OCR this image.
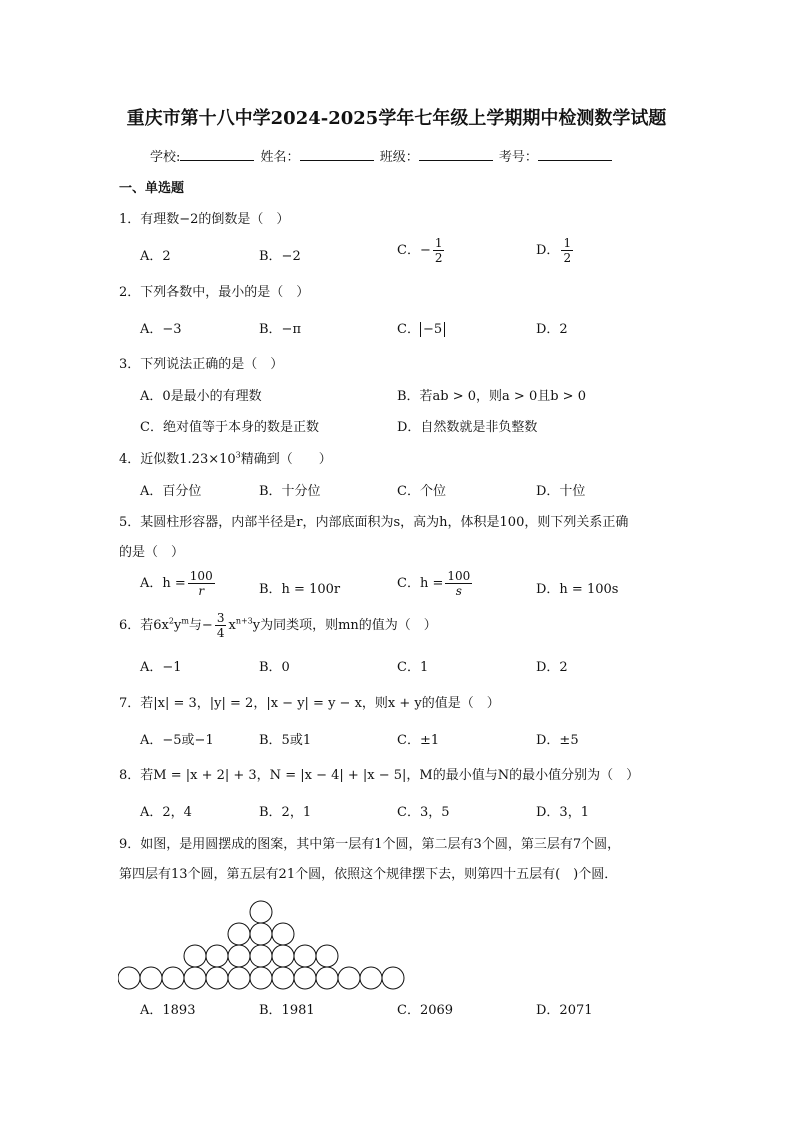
重庆市第十八中学2024-2025学年七年级上学期期中检测数学试题
学校:	姓名：	班级：	考号：
一、单选题
1．有理数−2的倒数是（　）
A．2	B．−2	C．− $\frac{1}{2}$	D． $\frac{1}{2}$
2．下列各数中，最小的是（　）
A．−3	B．−π	C． −5	D．2
3．下列说法正确的是（　）
A．0是最小的有理数	B．若ab > 0，则a > 0且b > 0
C．绝对值等于本身的数是正数	D．自然数就是非负整数
4．近似数$1.23\times 10^3$精确到（　　）
A．百分位	B．十分位	C．个位	D．十位
5．某圆柱形容器，内部半径是r，内部底面积为s，高为h，体积是100，则下列关系正确
的是（　）
A．$h = \frac{100}{r}$	B．h = 100r	C．$h = \frac{100}{s}$	D．h = 100s
6．若$6x^2y^m$与− $\frac{3}{4} x^{n+3}y$为同类项，则mn的值为（　）
A．−1	B．0	C．1	D．2
7．若|x| = 3，|y| = 2，|x − y| = y − x，则x + y的值是（　）
A．−5或−1	B．5或1	C．±1	D．±5
8．若M = |x + 2| + 3，N = |x − 4| + |x − 5|，M的最小值与N的最小值分别为（　）
A．2，4	B．2，1	C．3，5	D．3，1
9．如图，是用圆摆成的图案，其中第一层有1个圆，第二层有3个圆，第三层有7个圆，
第四层有13个圆，第五层有21个圆，依照这个规律摆下去，则第四十五层有(　)个圆．
A．1893	B．1981	C．2069	D．2071
